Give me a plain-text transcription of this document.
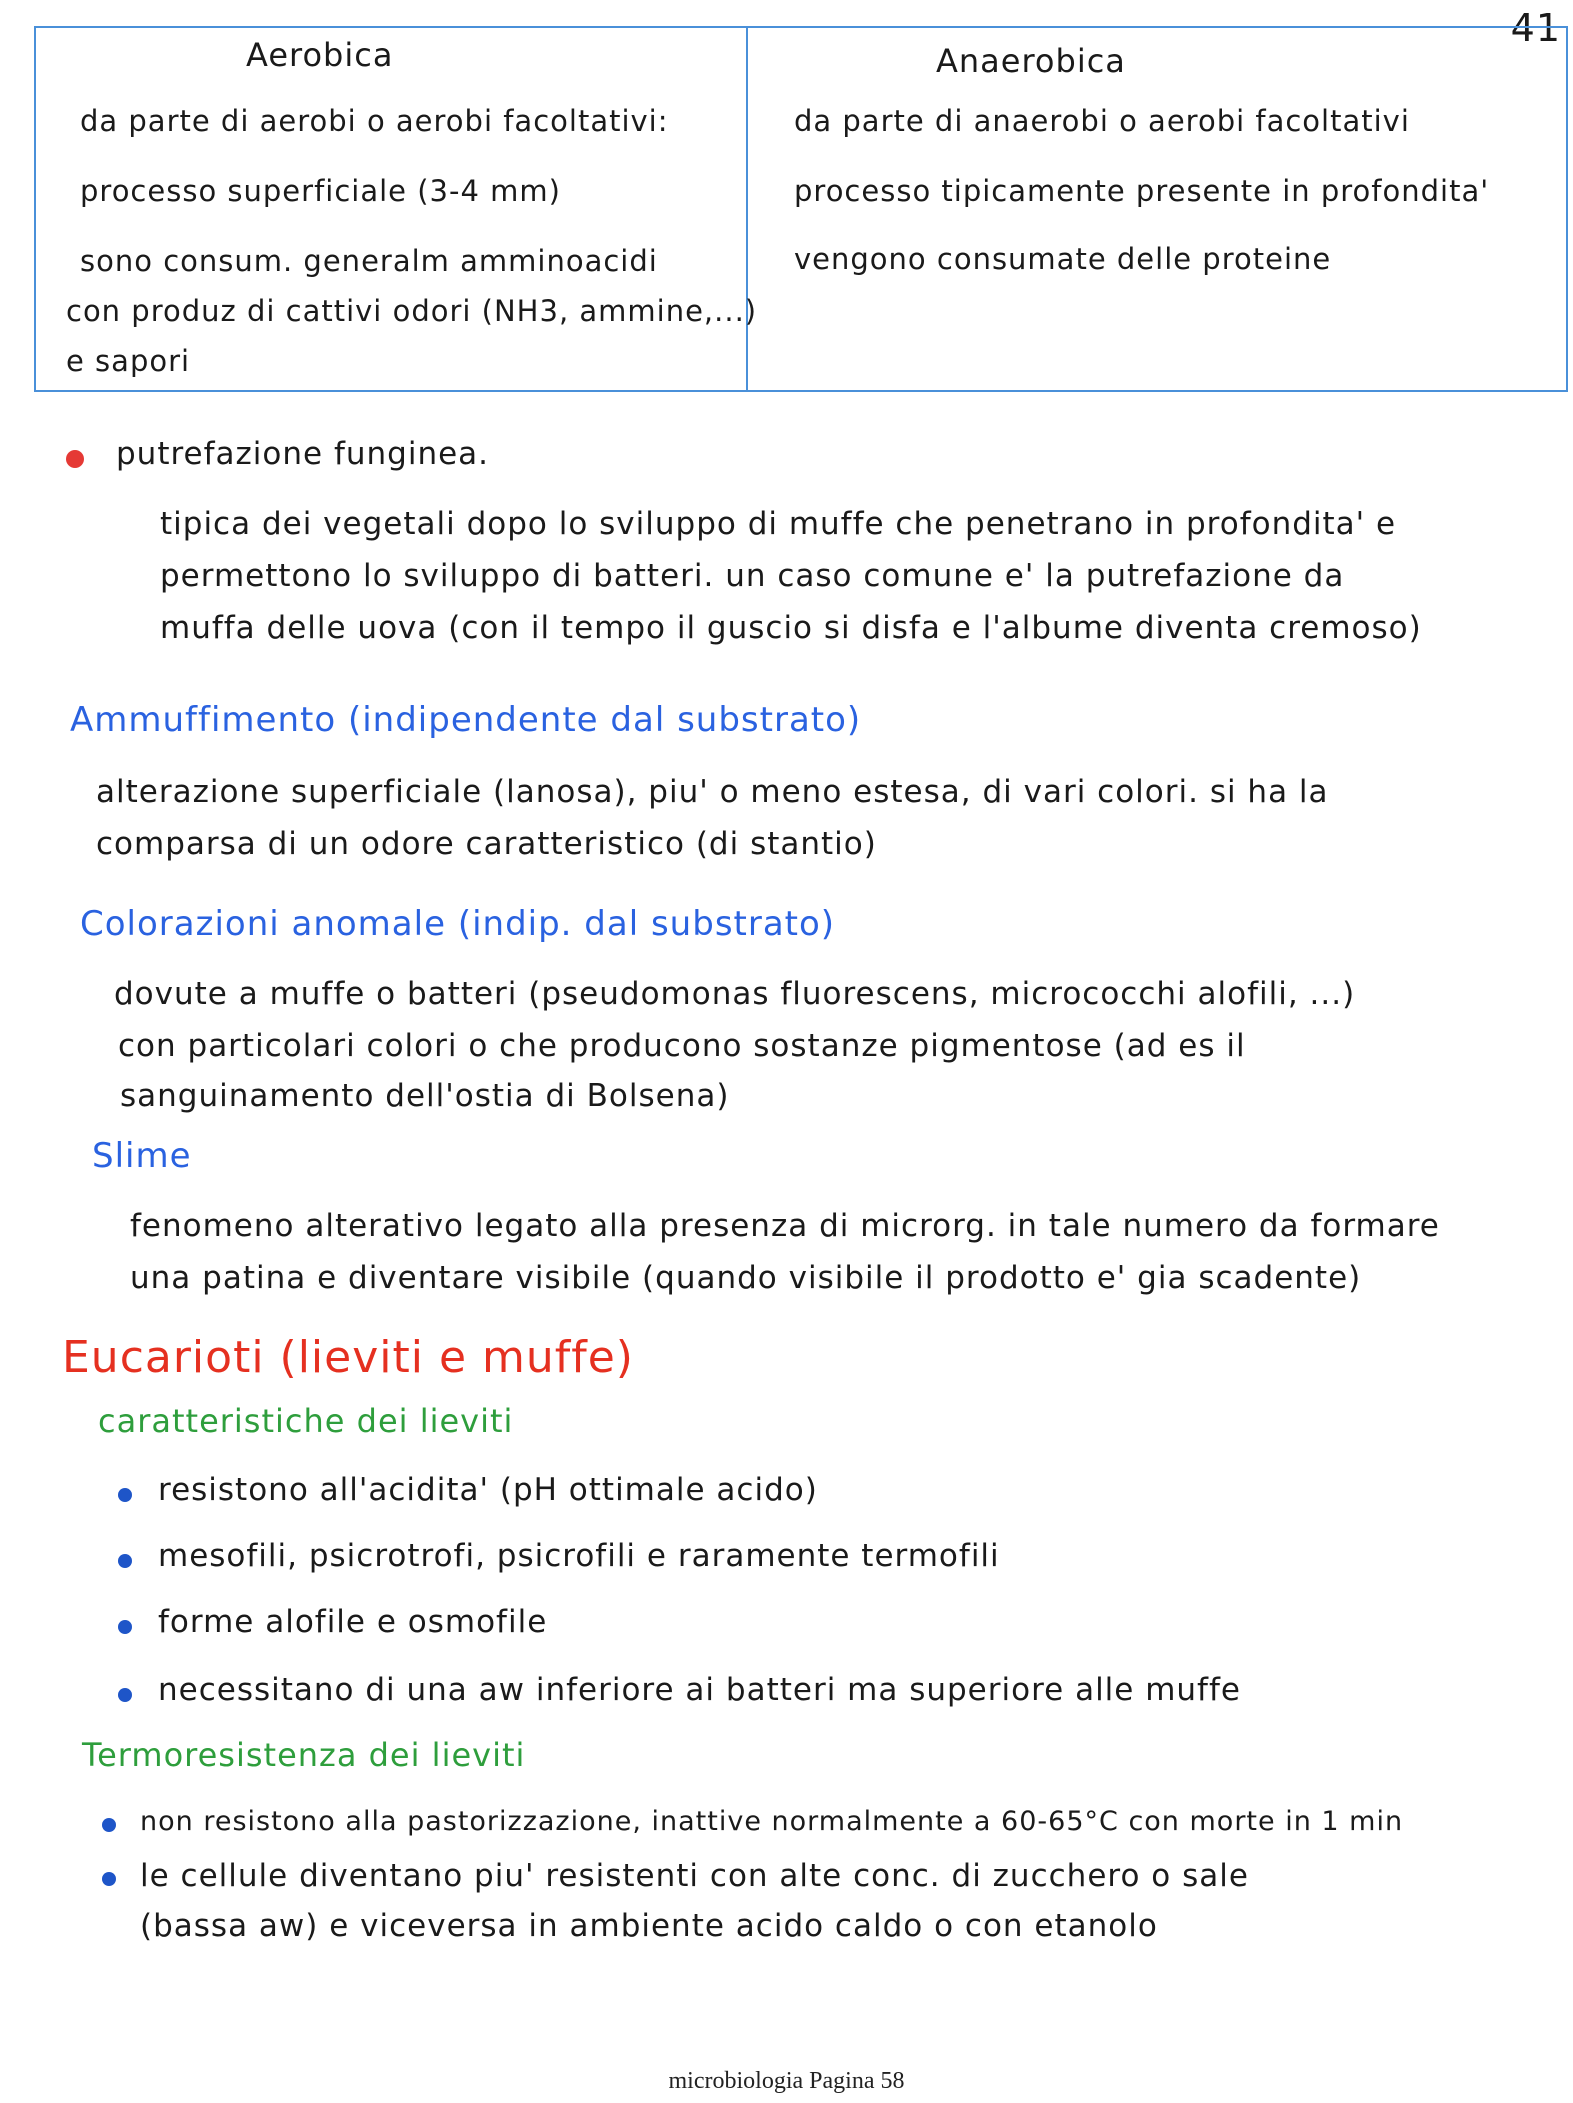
41
Aerobica
da parte di aerobi o aerobi facoltativi:
processo superficiale (3-4 mm)
sono consum. generalm amminoacidi
con produz di cattivi odori (NH3, ammine,...)
e sapori
Anaerobica
da parte di anaerobi o aerobi facoltativi
processo tipicamente presente in profondita'
vengono consumate delle proteine
putrefazione funginea.
tipica dei vegetali dopo lo sviluppo di muffe che penetrano in profondita' e
permettono lo sviluppo di batteri. un caso comune e' la putrefazione da
muffa delle uova (con il tempo il guscio si disfa e l'albume diventa cremoso)
Ammuffimento (indipendente dal substrato)
alterazione superficiale (lanosa), piu' o meno estesa, di vari colori. si ha la
comparsa di un odore caratteristico (di stantio)
Colorazioni anomale (indip. dal substrato)
dovute a muffe o batteri (pseudomonas fluorescens, micrococchi alofili, ...)
con particolari colori o che producono sostanze pigmentose (ad es il
sanguinamento dell'ostia di Bolsena)
Slime
fenomeno alterativo legato alla presenza di microrg. in tale numero da formare
una patina e diventare visibile (quando visibile il prodotto e' gia scadente)
Eucarioti (lieviti e muffe)
caratteristiche dei lieviti
resistono all'acidita' (pH ottimale acido)
mesofili, psicrotrofi, psicrofili e raramente termofili
forme alofile e osmofile
necessitano di una aw inferiore ai batteri ma superiore alle muffe
Termoresistenza dei lieviti
non resistono alla pastorizzazione, inattive normalmente a 60-65°C con morte in 1 min
le cellule diventano piu' resistenti con alte conc. di zucchero o sale
(bassa aw) e viceversa in ambiente acido caldo o con etanolo
microbiologia Pagina 58
